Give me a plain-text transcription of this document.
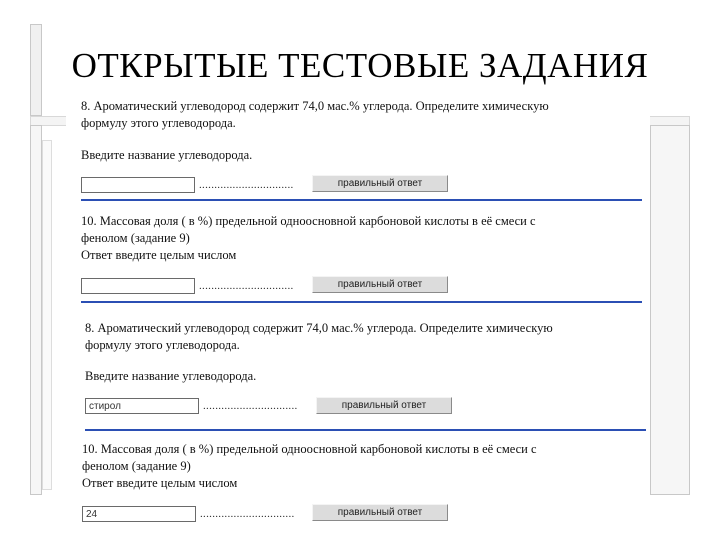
ОТКРЫТЫЕ ТЕСТОВЫЕ ЗАДАНИЯ
8. Ароматический углеводород содержит 74,0 мас.% углерода. Определите химическую
формулу этого углеводорода.
Введите название углеводорода.
...............................	правильный ответ
10. Массовая доля ( в %) предельной одноосновной карбоновой кислоты в её смеси с
фенолом (задание 9)
Ответ введите целым числом
...............................	правильный ответ
8. Ароматический углеводород содержит 74,0 мас.% углерода. Определите химическую
формулу этого углеводорода.
Введите название углеводорода.
стирол
...............................	правильный ответ
10. Массовая доля ( в %) предельной одноосновной карбоновой кислоты в её смеси с
фенолом (задание 9)
Ответ введите целым числом
24
...............................	правильный ответ
